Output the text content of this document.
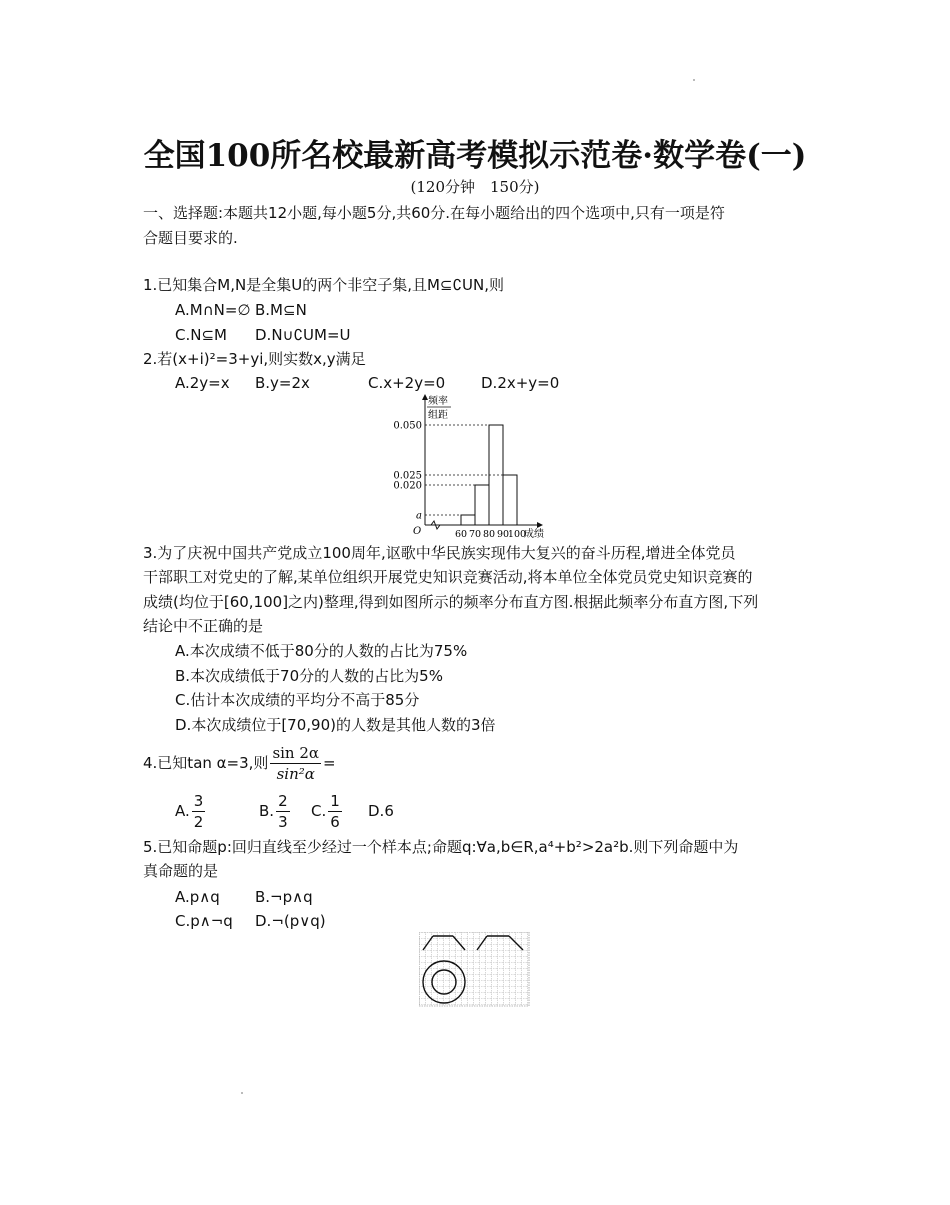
全国100所名校最新高考模拟示范卷·数学卷(一)
(120分钟　150分)
一、选择题:本题共12小题,每小题5分,共60分.在每小题给出的四个选项中,只有一项是符
合题目要求的.
1.已知集合M,N是全集U的两个非空子集,且M⊆∁UN,则
A.M∩N=∅ B.M⊆N
C.N⊆M D.N∪∁UM=U
2.若(x+i)²=3+yi,则实数x,y满足
A.2y=x B.y=2x	C.x+2y=0 D.2x+y=0
频率
组距
O
a
0.020
0.025
0.050
60 70 80 90
100
成绩
3.为了庆祝中国共产党成立100周年,讴歌中华民族实现伟大复兴的奋斗历程,增进全体党员
干部职工对党史的了解,某单位组织开展党史知识竞赛活动,将本单位全体党员党史知识竞赛的
成绩(均位于[60,100]之内)整理,得到如图所示的频率分布直方图.根据此频率分布直方图,下列
结论中不正确的是
A.本次成绩不低于80分的人数的占比为75%
B.本次成绩低于70分的人数的占比为5%
C.估计本次成绩的平均分不高于85分
D.本次成绩位于[70,90)的人数是其他人数的3倍
4.已知tan α=3,则 $\frac{\sin 2\alpha}{\text{sin²α}}$ =
A. $\frac{3}{2}$	B. $\frac{2}{3} C$. $\frac{1}{6} D.6$
5.已知命题p:回归直线至少经过一个样本点;命题q:∀a,b∈R,a⁴+b²>2a²b.则下列命题中为
真命题的是
A.p∧q B.¬p∧q
C.p∧¬q D.¬(p∨q)
